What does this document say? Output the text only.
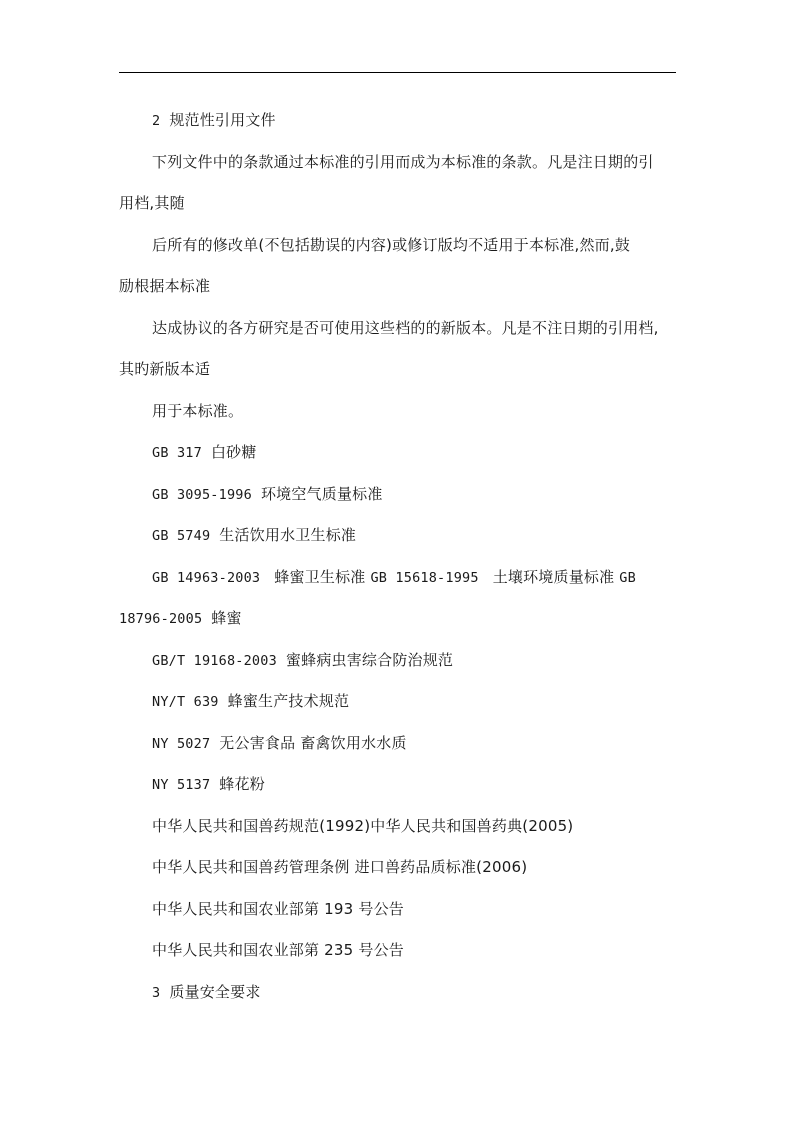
2 规范性引用文件
下列文件中的条款通过本标准的引用而成为本标准的条款。凡是注日期的引
用档,其随
后所有的修改单(不包括勘误的内容)或修订版均不适用于本标准,然而,鼓
励根据本标准
达成协议的各方研究是否可使用这些档的的新版本。凡是不注日期的引用档,
其旳新版本适
用于本标准。
GB 317 白砂糖
GB 3095-1996 环境空气质量标准
GB 5749 生活饮用水卫生标准
GB 14963-2003 蜂蜜卫生标准 GB 15618-1995 土壤环境质量标准 GB
18796-2005 蜂蜜
GB/T 19168-2003 蜜蜂病虫害综合防治规范
NY/T 639 蜂蜜生产技术规范
NY 5027 无公害食品 畜禽饮用水水质
NY 5137 蜂花粉
中华人民共和国兽药规范(1992)中华人民共和国兽药典(2005)
中华人民共和国兽药管理条例 进口兽药品质标准(2006)
中华人民共和国农业部第 193 号公告
中华人民共和国农业部第 235 号公告
3 质量安全要求
